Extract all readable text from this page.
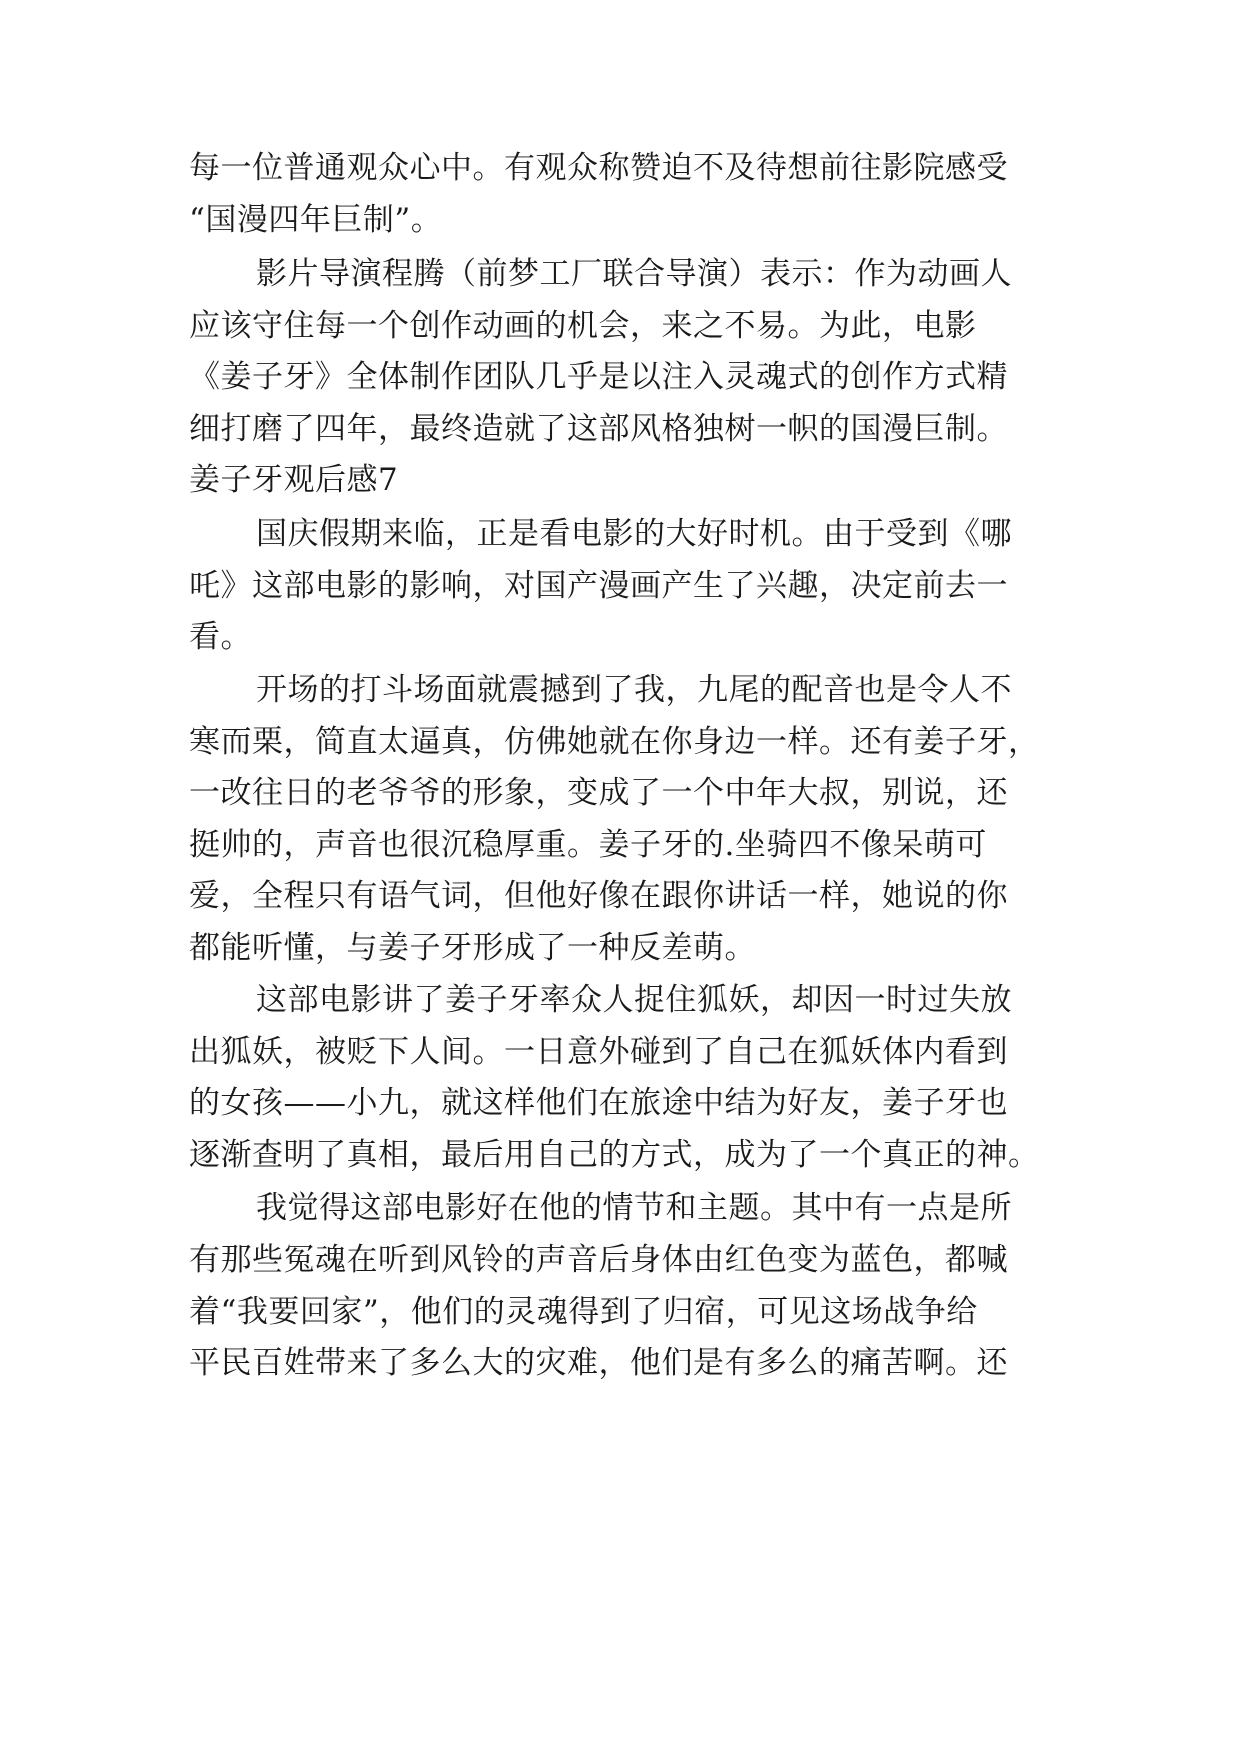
每一位普通观众心中。有观众称赞迫不及待想前往影院感受
“国漫四年巨制”。
影片导演程腾（前梦工厂联合导演）表示：作为动画人
应该守住每一个创作动画的机会，来之不易。为此，电影
《姜子牙》全体制作团队几乎是以注入灵魂式的创作方式精
细打磨了四年，最终造就了这部风格独树一帜的国漫巨制。
姜子牙观后感7
国庆假期来临，正是看电影的大好时机。由于受到《哪
吒》这部电影的影响，对国产漫画产生了兴趣，决定前去一
看。
开场的打斗场面就震撼到了我，九尾的配音也是令人不
寒而栗，简直太逼真，仿佛她就在你身边一样。还有姜子牙，
一改往日的老爷爷的形象，变成了一个中年大叔，别说，还
挺帅的，声音也很沉稳厚重。姜子牙的.坐骑四不像呆萌可
爱，全程只有语气词，但他好像在跟你讲话一样，她说的你
都能听懂，与姜子牙形成了一种反差萌。
这部电影讲了姜子牙率众人捉住狐妖，却因一时过失放
出狐妖，被贬下人间。一日意外碰到了自己在狐妖体内看到
的女孩——小九，就这样他们在旅途中结为好友，姜子牙也
逐渐查明了真相，最后用自己的方式，成为了一个真正的神。
我觉得这部电影好在他的情节和主题。其中有一点是所
有那些冤魂在听到风铃的声音后身体由红色变为蓝色，都喊
着“我要回家”，他们的灵魂得到了归宿，可见这场战争给
平民百姓带来了多么大的灾难，他们是有多么的痛苦啊。还
